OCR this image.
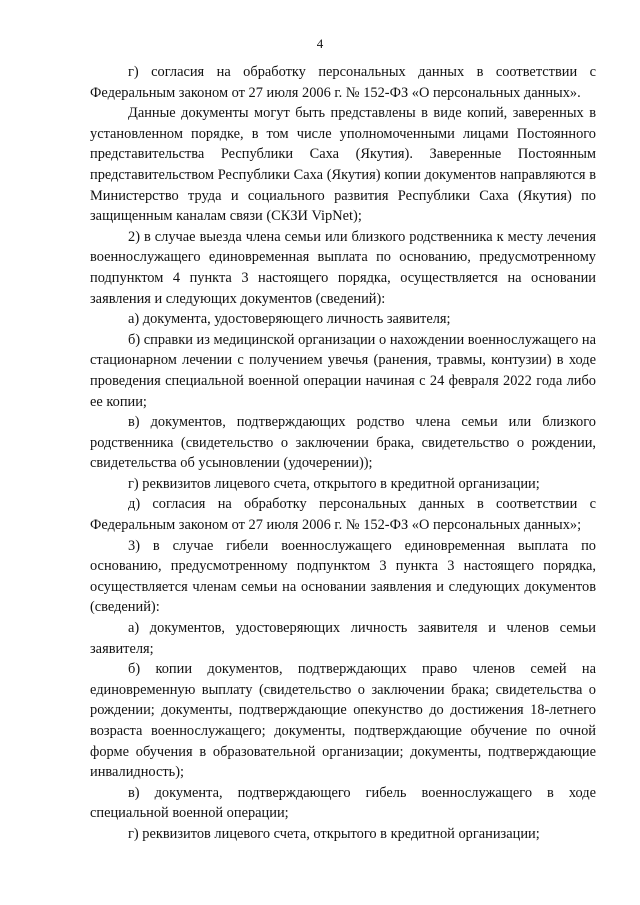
4

г) согласия на обработку персональных данных в соответствии с Федеральным законом от 27 июля 2006 г. № 152-ФЗ «О персональных данных».

Данные документы могут быть представлены в виде копий, заверенных в установленном порядке, в том числе уполномоченными лицами Постоянного представительства Республики Саха (Якутия). Заверенные Постоянным представительством Республики Саха (Якутия) копии документов направляются в Министерство труда и социального развития Республики Саха (Якутия) по защищенным каналам связи (СКЗИ VipNet);

2) в случае выезда члена семьи или близкого родственника к месту лечения военнослужащего единовременная выплата по основанию, предусмотренному подпунктом 4 пункта 3 настоящего порядка, осуществляется на основании заявления и следующих документов (сведений):

а) документа, удостоверяющего личность заявителя;

б) справки из медицинской организации о нахождении военнослужащего на стационарном лечении с получением увечья (ранения, травмы, контузии) в ходе проведения специальной военной операции начиная с 24 февраля 2022 года либо ее копии;

в) документов, подтверждающих родство члена семьи или близкого родственника (свидетельство о заключении брака, свидетельство о рождении, свидетельства об усыновлении (удочерении));

г) реквизитов лицевого счета, открытого в кредитной организации;

д) согласия на обработку персональных данных в соответствии с Федеральным законом от 27 июля 2006 г. № 152-ФЗ «О персональных данных»;

3) в случае гибели военнослужащего единовременная выплата по основанию, предусмотренному подпунктом 3 пункта 3 настоящего порядка, осуществляется членам семьи на основании заявления и следующих документов (сведений):

а) документов, удостоверяющих личность заявителя и членов семьи заявителя;

б) копии документов, подтверждающих право членов семей на единовременную выплату (свидетельство о заключении брака; свидетельства о рождении; документы, подтверждающие опекунство до достижения 18-летнего возраста военнослужащего; документы, подтверждающие обучение по очной форме обучения в образовательной организации; документы, подтверждающие инвалидность);

в) документа, подтверждающего гибель военнослужащего в ходе специальной военной операции;

г) реквизитов лицевого счета, открытого в кредитной организации;
